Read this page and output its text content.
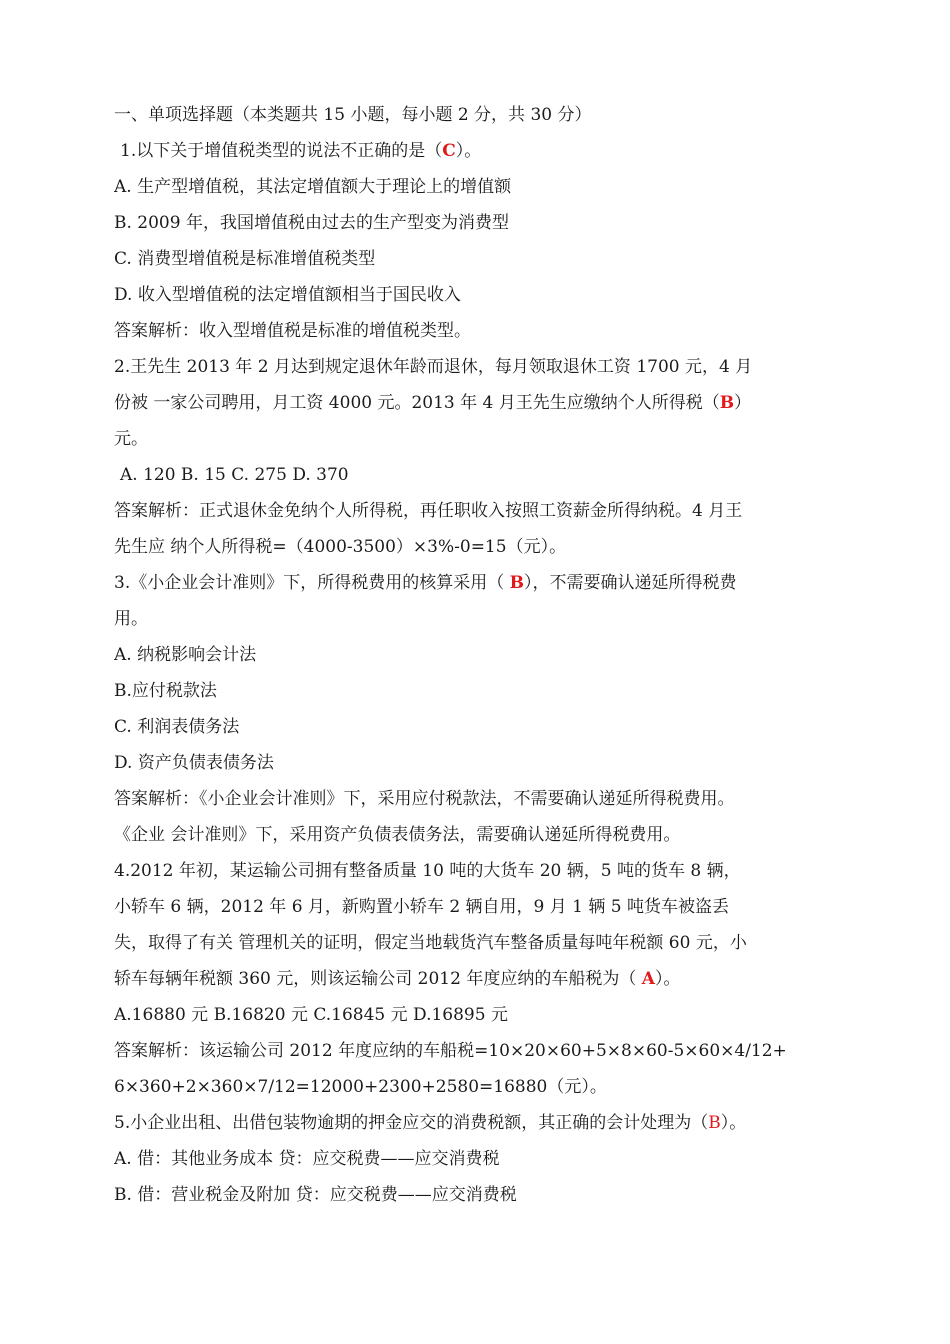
一、单项选择题（本类题共 15 小题，每小题 2 分，共 30 分）
1.以下关于增值税类型的说法不正确的是（C）。
A. 生产型增值税，其法定增值额大于理论上的增值额
B. 2009 年，我国增值税由过去的生产型变为消费型
C. 消费型增值税是标准增值税类型
D. 收入型增值税的法定增值额相当于国民收入
答案解析：收入型增值税是标准的增值税类型。
2.王先生 2013 年 2 月达到规定退休年龄而退休，每月领取退休工资 1700 元，4 月
份被 一家公司聘用，月工资 4000 元。2013 年 4 月王先生应缴纳个人所得税（B）
元。
A. 120 B. 15 C. 275 D. 370
答案解析：正式退休金免纳个人所得税，再任职收入按照工资薪金所得纳税。4 月王
先生应 纳个人所得税=（4000-3500）×3%-0=15（元）。
3.《小企业会计准则》下，所得税费用的核算采用（ B），不需要确认递延所得税费
用。
A. 纳税影响会计法
B.应付税款法
C. 利润表债务法
D. 资产负债表债务法
答案解析：《小企业会计准则》下，采用应付税款法，不需要确认递延所得税费用。
《企业 会计准则》下，采用资产负债表债务法，需要确认递延所得税费用。
4.2012 年初，某运输公司拥有整备质量 10 吨的大货车 20 辆，5 吨的货车 8 辆，
小轿车 6 辆，2012 年 6 月，新购置小轿车 2 辆自用，9 月 1 辆 5 吨货车被盗丢
失，取得了有关 管理机关的证明，假定当地载货汽车整备质量每吨年税额 60 元，小
轿车每辆年税额 360 元，则该运输公司 2012 年度应纳的车船税为（ A）。
A.16880 元 B.16820 元 C.16845 元 D.16895 元
答案解析：该运输公司 2012 年度应纳的车船税=10×20×60+5×8×60-5×60×4/12+
6×360+2×360×7/12=12000+2300+2580=16880（元）。
5.小企业出租、出借包装物逾期的押金应交的消费税额，其正确的会计处理为（B）。
A. 借：其他业务成本 贷：应交税费——应交消费税
B. 借：营业税金及附加 贷：应交税费——应交消费税
